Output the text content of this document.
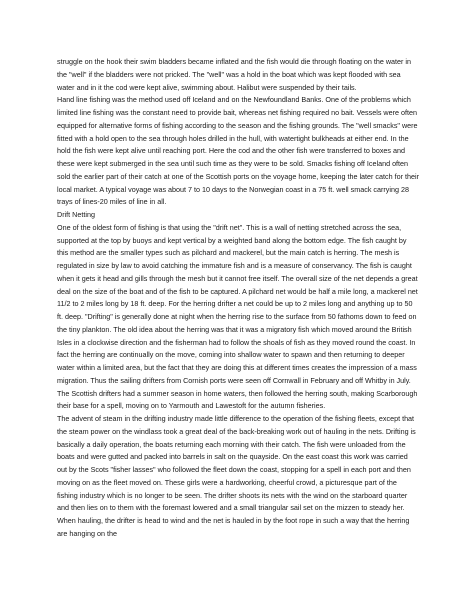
struggle on the hook their swim bladders became inflated and the fish would die through floating on the water in the "well" if the bladders were not pricked. The "well" was a hold in the boat which was kept flooded with sea water and in it the cod were kept alive, swimming about. Halibut were suspended by their tails.

Hand line fishing was the method used off Iceland and on the Newfoundland Banks. One of the problems which limited line fishing was the constant need to provide bait, whereas net fishing required no bait. Vessels were often equipped for alternative forms of fishing according to the season and the fishing grounds. The "well smacks" were fitted with a hold open to the sea through holes drilled in the hull, with watertight bulkheads at either end. In the hold the fish were kept alive until reaching port. Here the cod and the other fish were transferred to boxes and these were kept submerged in the sea until such time as they were to be sold. Smacks fishing off Iceland often sold the earlier part of their catch at one of the Scottish ports on the voyage home, keeping the later catch for their local market. A typical voyage was about 7 to 10 days to the Norwegian coast in a 75 ft. well smack carrying 28 trays of lines-20 miles of line in all.

Drift Netting

One of the oldest form of fishing is that using the "drift net". This is a wall of netting stretched across the sea, supported at the top by buoys and kept vertical by a weighted band along the bottom edge. The fish caught by this method are the smaller types such as pilchard and mackerel, but the main catch is herring. The mesh is regulated in size by law to avoid catching the immature fish and is a measure of conservancy. The fish is caught when it gets it head and gills through the mesh but it cannot free itself. The overall size of the net depends a great deal on the size of the boat and of the fish to be captured. A pilchard net would be half a mile long, a mackerel net 11/2 to 2 miles long by 18 ft. deep. For the herring drifter a net could be up to 2 miles long and anything up to 50 ft. deep. "Drifting" is generally done at night when the herring rise to the surface from 50 fathoms down to feed on the tiny plankton. The old idea about the herring was that it was a migratory fish which moved around the British Isles in a clockwise direction and the fisherman had to follow the shoals of fish as they moved round the coast. In fact the herring are continually on the move, coming into shallow water to spawn and then returning to deeper water within a limited area, but the fact that they are doing this at different times creates the impression of a mass migration. Thus the sailing drifters from Cornish ports were seen off Cornwall in February and off Whitby in July. The Scottish drifters had a summer season in home waters, then followed the herring south, making Scarborough their base for a spell, moving on to Yarmouth and Lawestoft for the autumn fisheries.

The advent of steam in the drifting industry made little difference to the operation of the fishing fleets, except that the steam power on the windlass took a great deal of the back-breaking work out of hauling in the nets. Drifting is basically a daily operation, the boats returning each morning with their catch. The fish were unloaded from the boats and were gutted and packed into barrels in salt on the quayside. On the east coast this work was carried out by the Scots "fisher lasses" who followed the fleet down the coast, stopping for a spell in each port and then moving on as the fleet moved on. These girls were a hardworking, cheerful crowd, a picturesque part of the fishing industry which is no longer to be seen. The drifter shoots its nets with the wind on the starboard quarter and then lies on to them with the foremast lowered and a small triangular sail set on the mizzen to steady her. When hauling, the drifter is head to wind and the net is hauled in by the foot rope in such a way that the herring are hanging on the
